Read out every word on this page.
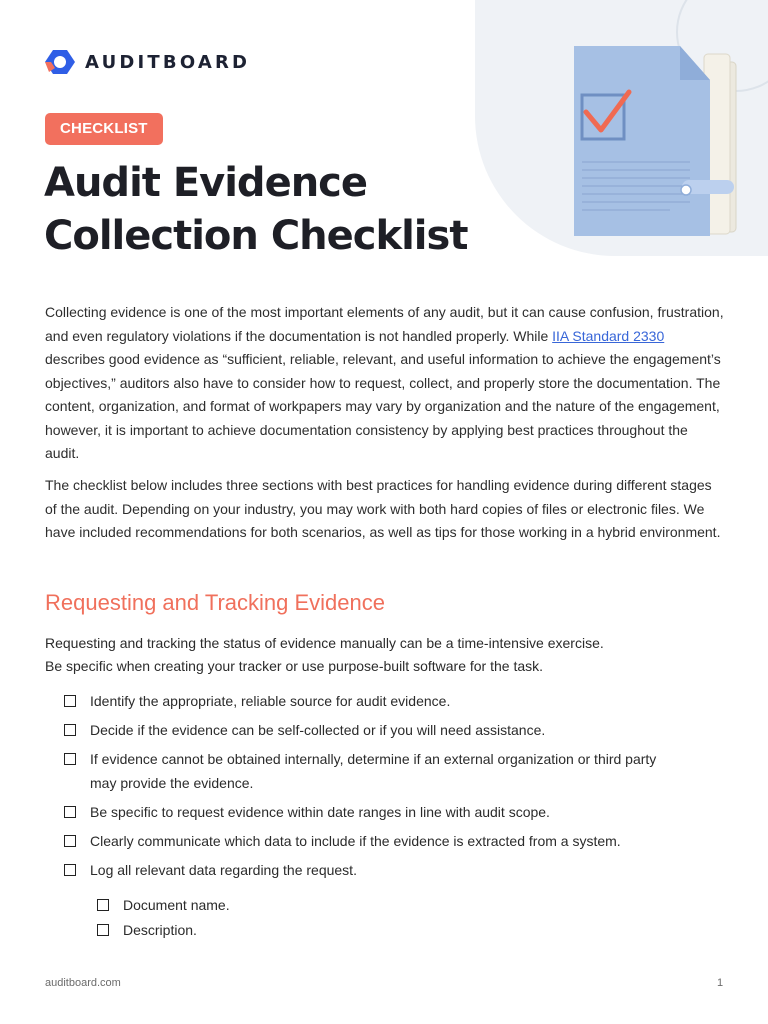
AUDITBOARD
CHECKLIST
Audit Evidence
Collection Checklist

Collecting evidence is one of the most important elements of any audit, but it can cause confusion, frustration, and even regulatory violations if the documentation is not handled properly. While IIA Standard 2330 describes good evidence as “sufficient, reliable, relevant, and useful information to achieve the engagement’s objectives,” auditors also have to consider how to request, collect, and properly store the documentation. The content, organization, and format of workpapers may vary by organization and the nature of the engagement, however, it is important to achieve documentation consistency by applying best practices throughout the audit.

The checklist below includes three sections with best practices for handling evidence during different stages of the audit. Depending on your industry, you may work with both hard copies of files or electronic files. We have included recommendations for both scenarios, as well as tips for those working in a hybrid environment.

Requesting and Tracking Evidence

Requesting and tracking the status of evidence manually can be a time-intensive exercise.
Be specific when creating your tracker or use purpose-built software for the task.

Identify the appropriate, reliable source for audit evidence.
Decide if the evidence can be self-collected or if you will need assistance.
If evidence cannot be obtained internally, determine if an external organization or third party may provide the evidence.
Be specific to request evidence within date ranges in line with audit scope.
Clearly communicate which data to include if the evidence is extracted from a system.
Log all relevant data regarding the request.
Document name.
Description.
auditboard.com	1
